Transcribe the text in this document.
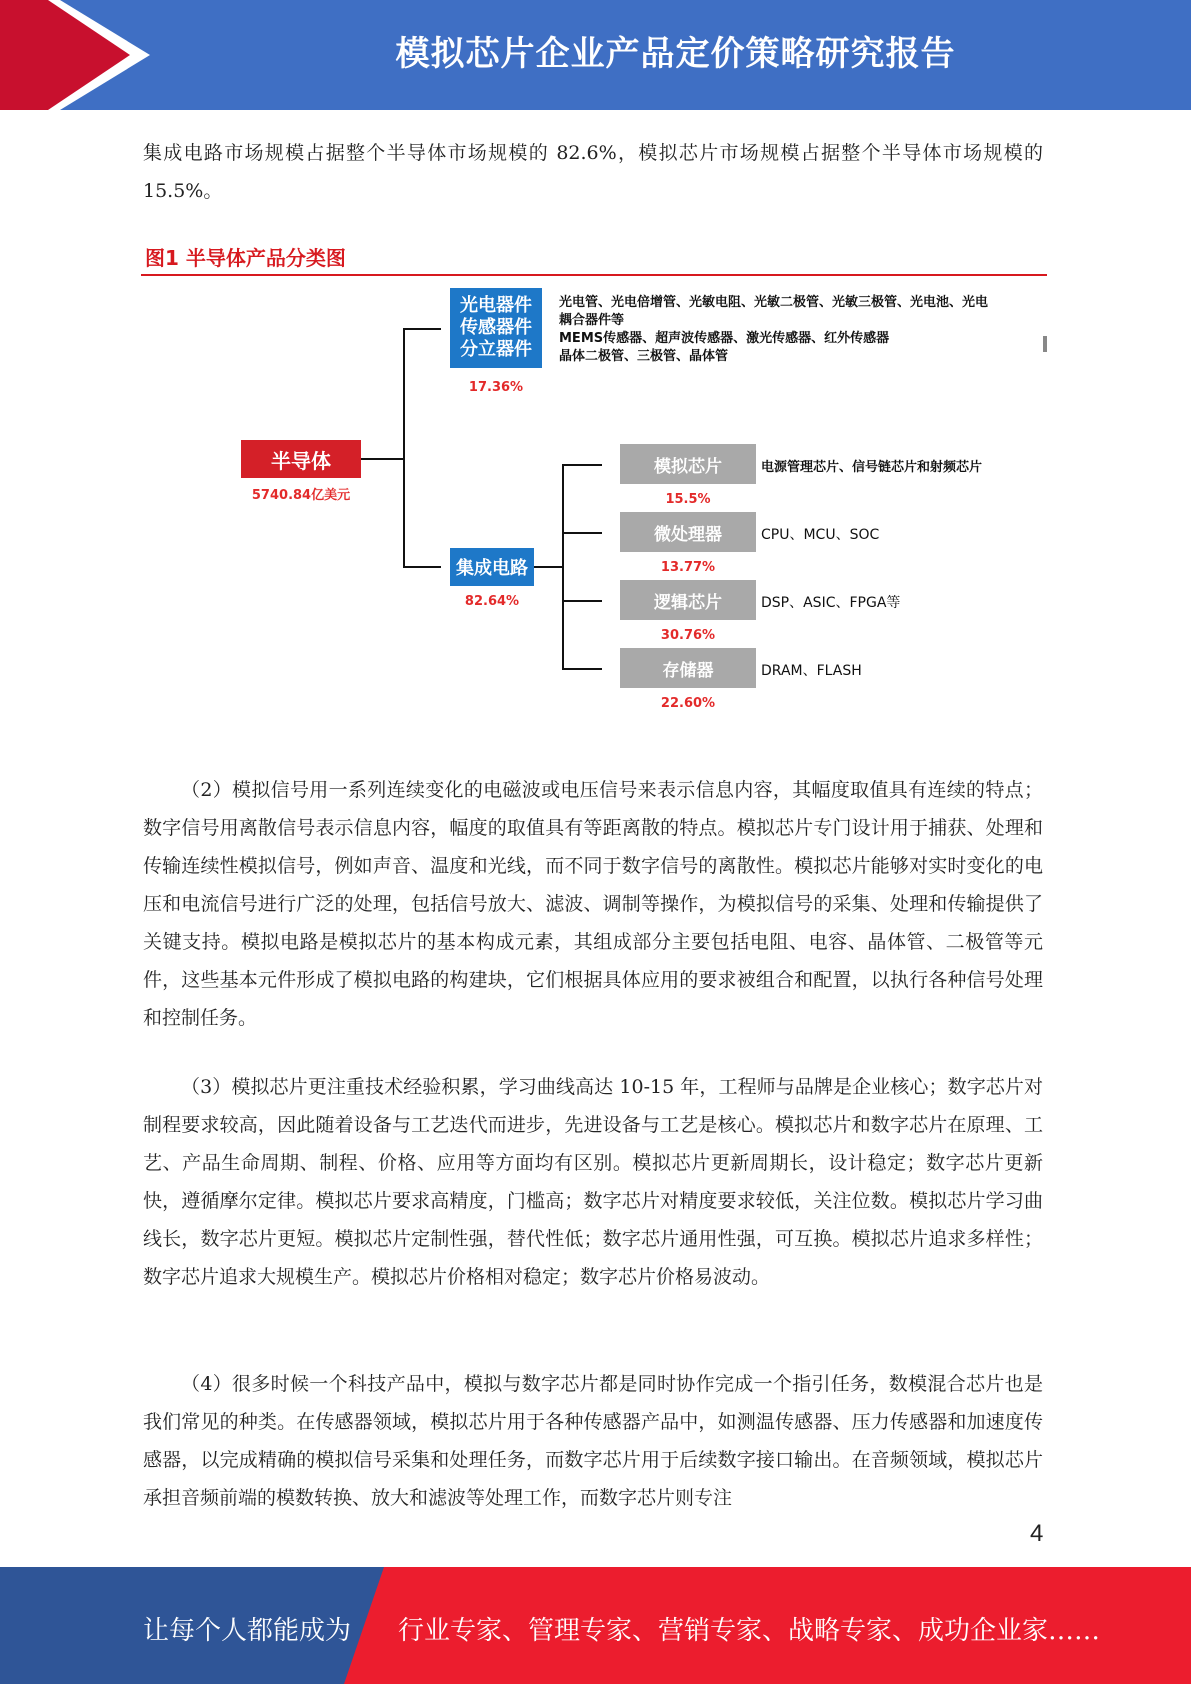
模拟芯片企业产品定价策略研究报告

集成电路市场规模占据整个半导体市场规模的 82.6%，模拟芯片市场规模占据整个半导体市场规模的 15.5%。

图1 半导体产品分类图
半导体
5740.84亿美元
光电器件
传感器件
分立器件
17.36%
光电管、光电倍增管、光敏电阻、光敏二极管、光敏三极管、光电池、光电
耦合器件等
MEMS传感器、超声波传感器、激光传感器、红外传感器
晶体二极管、三极管、晶体管
集成电路
82.64%
模拟芯片
15.5%
电源管理芯片、信号链芯片和射频芯片
微处理器
13.77%
CPU、MCU、SOC
逻辑芯片
30.76%
DSP、ASIC、FPGA等
存储器
22.60%
DRAM、FLASH

（2）模拟信号用一系列连续变化的电磁波或电压信号来表示信息内容，其幅度取值具有连续的特点；数字信号用离散信号表示信息内容，幅度的取值具有等距离散的特点。模拟芯片专门设计用于捕获、处理和传输连续性模拟信号，例如声音、温度和光线，而不同于数字信号的离散性。模拟芯片能够对实时变化的电压和电流信号进行广泛的处理，包括信号放大、滤波、调制等操作，为模拟信号的采集、处理和传输提供了关键支持。模拟电路是模拟芯片的基本构成元素，其组成部分主要包括电阻、电容、晶体管、二极管等元件，这些基本元件形成了模拟电路的构建块，它们根据具体应用的要求被组合和配置，以执行各种信号处理和控制任务。

（3）模拟芯片更注重技术经验积累，学习曲线高达 10-15 年，工程师与品牌是企业核心；数字芯片对制程要求较高，因此随着设备与工艺迭代而进步，先进设备与工艺是核心。模拟芯片和数字芯片在原理、工艺、产品生命周期、制程、价格、应用等方面均有区别。模拟芯片更新周期长，设计稳定；数字芯片更新快，遵循摩尔定律。模拟芯片要求高精度，门槛高；数字芯片对精度要求较低，关注位数。模拟芯片学习曲线长，数字芯片更短。模拟芯片定制性强，替代性低；数字芯片通用性强，可互换。模拟芯片追求多样性；数字芯片追求大规模生产。模拟芯片价格相对稳定；数字芯片价格易波动。

（4）很多时候一个科技产品中，模拟与数字芯片都是同时协作完成一个指引任务，数模混合芯片也是我们常见的种类。在传感器领域，模拟芯片用于各种传感器产品中，如测温传感器、压力传感器和加速度传感器，以完成精确的模拟信号采集和处理任务，而数字芯片用于后续数字接口输出。在音频领域，模拟芯片承担音频前端的模数转换、放大和滤波等处理工作，而数字芯片则专注

4
让每个人都能成为 行业专家、管理专家、营销专家、战略专家、成功企业家……
